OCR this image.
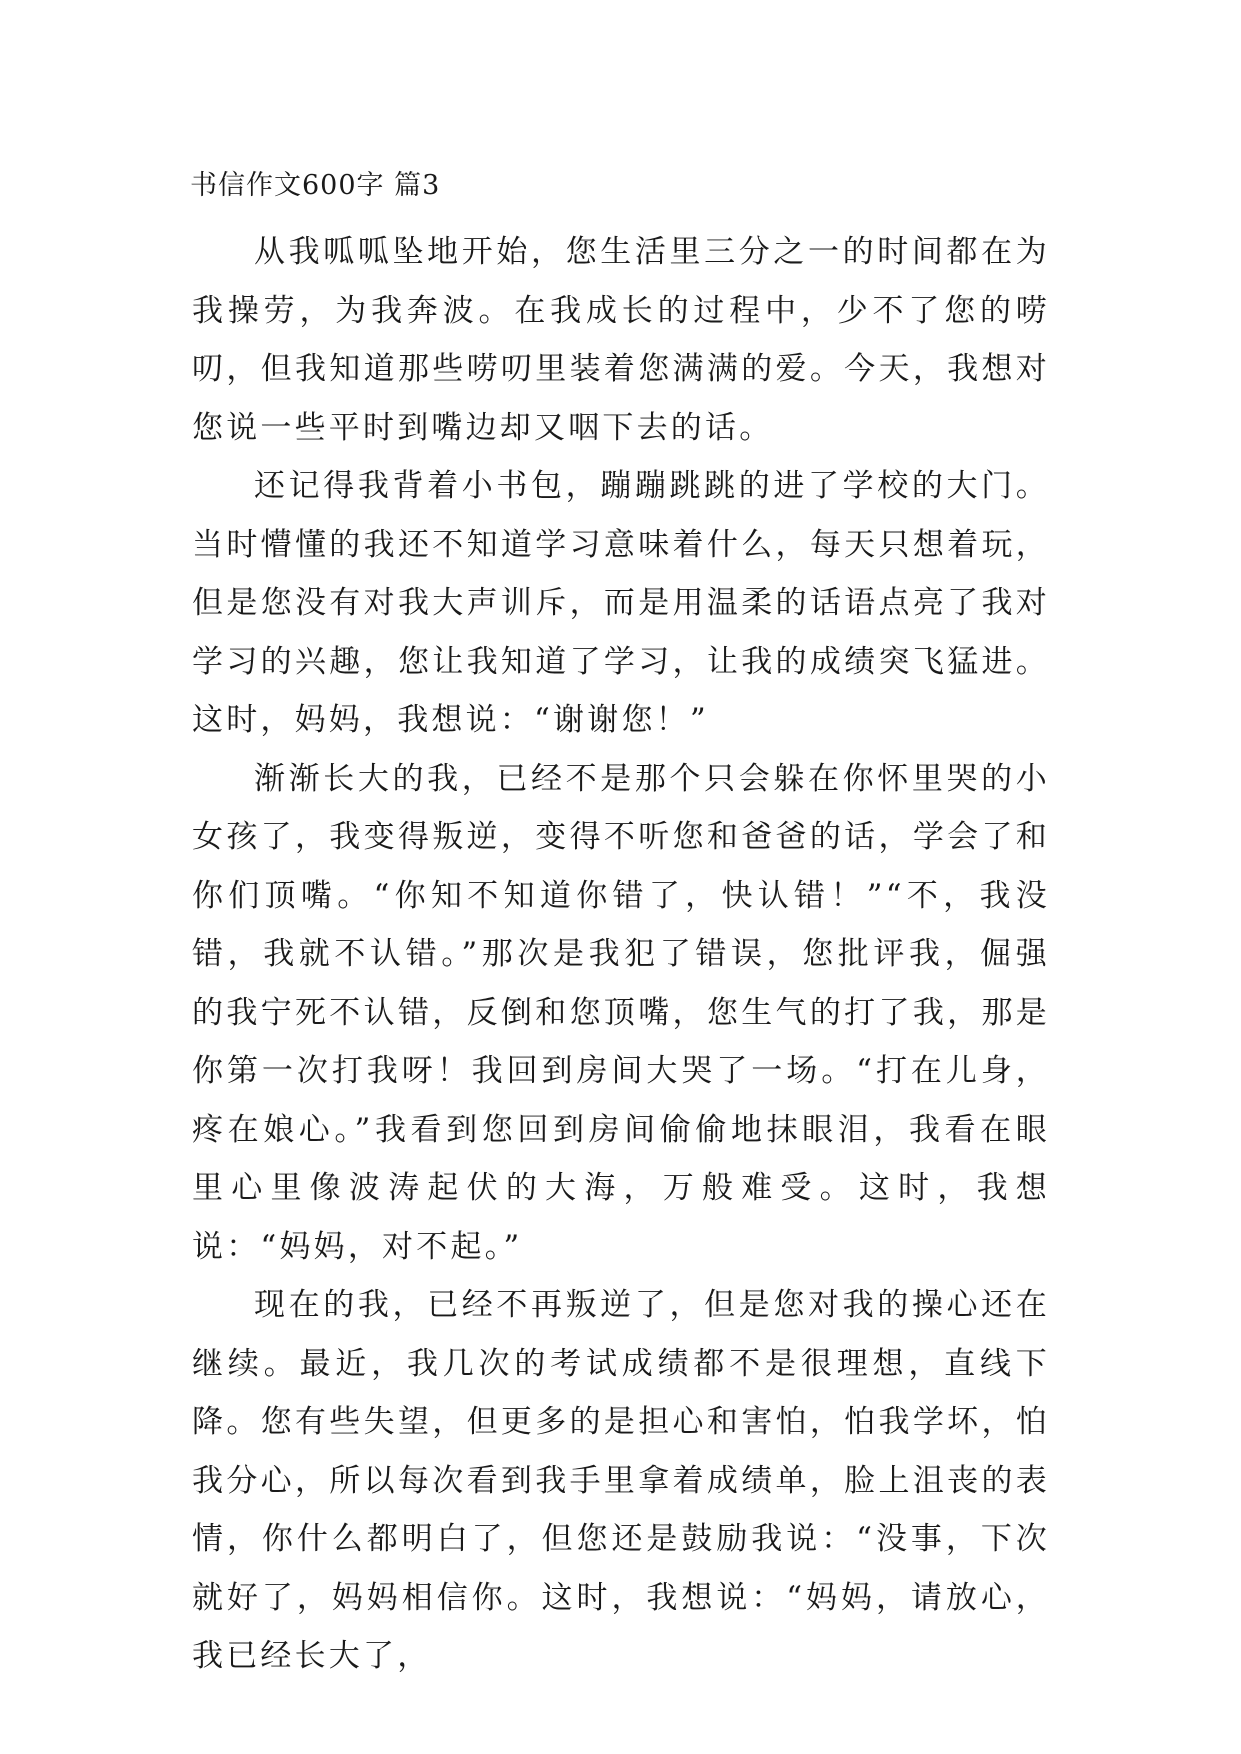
书信作文600字 篇3

从我呱呱坠地开始，您生活里三分之一的时间都在为我操劳，为我奔波。在我成长的过程中，少不了您的唠叨，但我知道那些唠叨里装着您满满的爱。今天，我想对您说一些平时到嘴边却又咽下去的话。

还记得我背着小书包，蹦蹦跳跳的进了学校的大门。当时懵懂的我还不知道学习意味着什么，每天只想着玩，但是您没有对我大声训斥，而是用温柔的话语点亮了我对学习的兴趣，您让我知道了学习，让我的成绩突飞猛进。这时，妈妈，我想说：“谢谢您！”

渐渐长大的我，已经不是那个只会躲在你怀里哭的小女孩了，我变得叛逆，变得不听您和爸爸的话，学会了和你们顶嘴。“你知不知道你错了，快认错！”“不，我没错，我就不认错。”那次是我犯了错误，您批评我，倔强的我宁死不认错，反倒和您顶嘴，您生气的打了我，那是你第一次打我呀！我回到房间大哭了一场。“打在儿身，疼在娘心。”我看到您回到房间偷偷地抹眼泪，我看在眼里心里像波涛起伏的大海，万般难受。这时，我想说：“妈妈，对不起。”

现在的我，已经不再叛逆了，但是您对我的操心还在继续。最近，我几次的考试成绩都不是很理想，直线下降。您有些失望，但更多的是担心和害怕，怕我学坏，怕我分心，所以每次看到我手里拿着成绩单，脸上沮丧的表情，你什么都明白了，但您还是鼓励我说：“没事，下次就好了，妈妈相信你。这时，我想说：“妈妈，请放心，我已经长大了，
